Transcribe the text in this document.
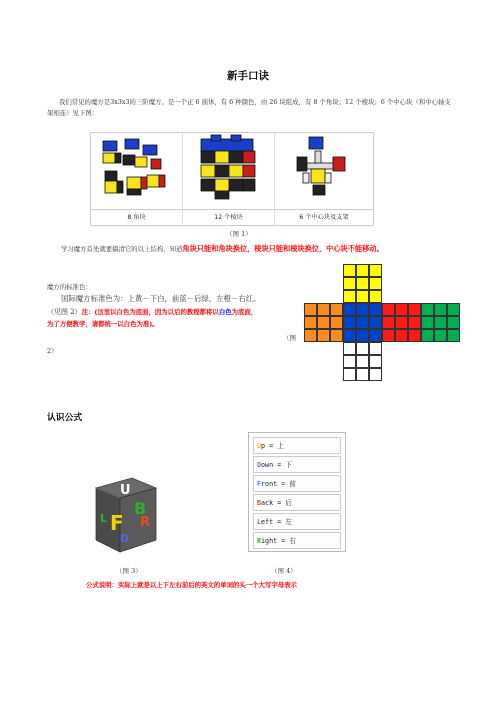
新手口诀
我们常见的魔方是3x3x3的三阶魔方。是一个正 6 面体，有 6 种颜色，由 26 块组成，有 8 个角块；12 个棱块；6 个中心块（和中心轴支架相连）见下图：
8 角块	12 个棱块	6 个中心块及支架
（图 1）
学习魔方首先就要搞清它的以上结构，知道角块只能和角块换位，棱块只能和棱块换位，中心块不能移动。
魔方的标准色：
国际魔方标准色为：上黄－下白，前蓝－后绿，左橙－右红。
（见图 2）注：(这里以白色为底面，因为以后的教程都将以白色为底面，
为了方便教学，请都统一以白色为准)。
（图
2）
认识公式
U
B
R
F
L
D
Up = 上
Down = 下
Front = 前
Back = 后
Left = 左
Right = 右
（图 3）	（图 4）
公式说明：实际上就是以上下左右前后的英文的单词的头一个大写字母表示
